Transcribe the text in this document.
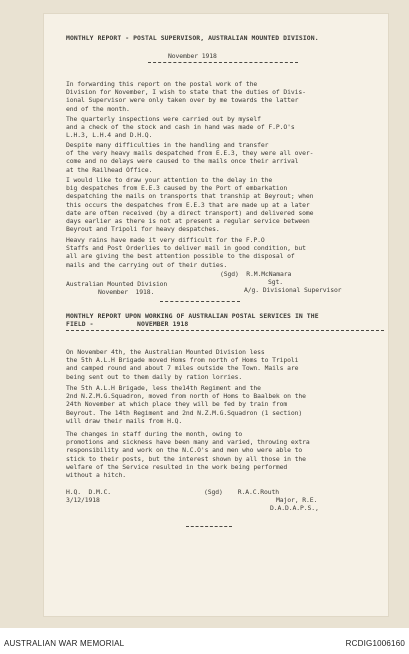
MONTHLY REPORT - POSTAL SUPERVISOR, AUSTRALIAN MOUNTED DIVISION.
November 1918
In forwarding this report on the postal work of the
Division for November, I wish to state that the duties of Divis-
ional Supervisor were only taken over by me towards the latter
end of the month.
The quarterly inspections were carried out by myself
and a check of the stock and cash in hand was made of F.P.O's
L.H.3, L.H.4 and D.H.Q.
Despite many difficulties in the handling and transfer
of the very heavy mails despatched from E.E.3, they were all over-
come and no delays were caused to the mails once their arrival
at the Railhead Office.
I would like to draw your attention to the delay in the
big despatches from E.E.3 caused by the Port of embarkation
despatching the mails on transports that tranship at Beyrout; when
this occurs the despatches from E.E.3 that are made up at a later
date are often received (by a direct transport) and delivered some
days earlier as there is not at present a regular service between
Beyrout and Tripoli for heavy despatches.
Heavy rains have made it very difficult for the F.P.O
Staffs and Post Orderlies to deliver mail in good condition, but
all are giving the best attention possible to the disposal of
mails and the carrying out of their duties.
(Sgd)  R.M.McNamara
Sgt.
A/g. Divisional Supervisor
Australian Mounted Division
November  1918.
MONTHLY REPORT UPON WORKING OF AUSTRALIAN POSTAL SERVICES IN THE
FIELD -           NOVEMBER 1918
On November 4th, the Australian Mounted Division less
the 5th A.L.H Brigade moved Homs from north of Homs to Tripoli
and camped round and about 7 miles outside the Town. Mails are
being sent out to them daily by ration lorries.
The 5th A.L.H Brigade, less the14th Regiment and the
2nd N.Z.M.G.Squadron, moved from north of Homs to Baalbek on the
24th November at which place they will be fed by train from
Beyrout. The 14th Regiment and 2nd N.Z.M.G.Squadron (1 section)
will draw their mails from H.Q.
The changes in staff during the month, owing to
promotions and sickness have been many and varied, throwing extra
responsibility and work on the N.C.O's and men who were able to
stick to their posts, but the interest shown by all those in the
welfare of the Service resulted in the work being performed
without a hitch.
H.Q.  D.M.C.
3/12/1918
(Sgd)    R.A.C.Routh
Major, R.E.
D.A.D.A.P.S.,
AUSTRALIAN WAR MEMORIAL	RCDIG1006160
